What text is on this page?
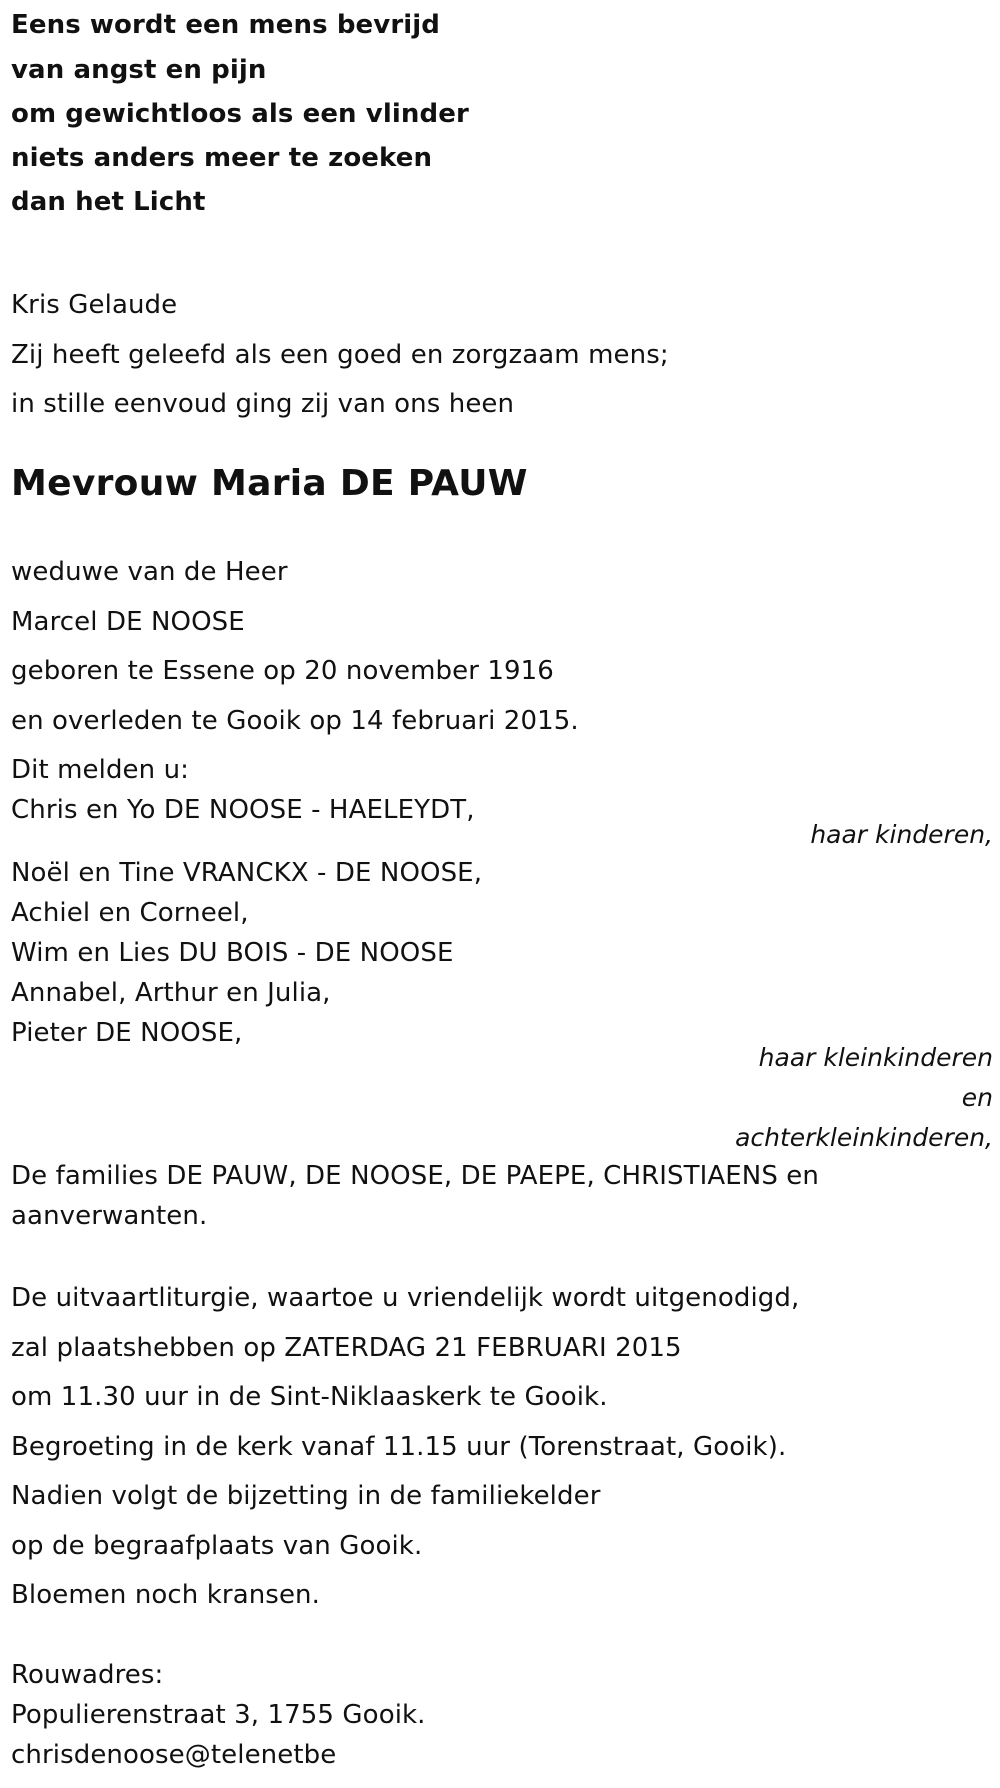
Eens wordt een mens bevrijd
van angst en pijn
om gewichtloos als een vlinder
niets anders meer te zoeken
dan het Licht
Kris Gelaude
Zij heeft geleefd als een goed en zorgzaam mens;
in stille eenvoud ging zij van ons heen
Mevrouw Maria DE PAUW
weduwe van de Heer
Marcel DE NOOSE
geboren te Essene op 20 november 1916
en overleden te Gooik op 14 februari 2015.
Dit melden u:
Chris en Yo DE NOOSE - HAELEYDT,
haar kinderen,
Noël en Tine VRANCKX - DE NOOSE,
Achiel en Corneel,
Wim en Lies DU BOIS - DE NOOSE
Annabel, Arthur en Julia,
Pieter DE NOOSE,
haar kleinkinderen
en
achterkleinkinderen,
De families DE PAUW, DE NOOSE, DE PAEPE, CHRISTIAENS en
aanverwanten.
De uitvaartliturgie, waartoe u vriendelijk wordt uitgenodigd,
zal plaatshebben op ZATERDAG 21 FEBRUARI 2015
om 11.30 uur in de Sint-Niklaaskerk te Gooik.
Begroeting in de kerk vanaf 11.15 uur (Torenstraat, Gooik).
Nadien volgt de bijzetting in de familiekelder
op de begraafplaats van Gooik.
Bloemen noch kransen.
Rouwadres:
Populierenstraat 3, 1755 Gooik.
chrisdenoose@telenetbe
